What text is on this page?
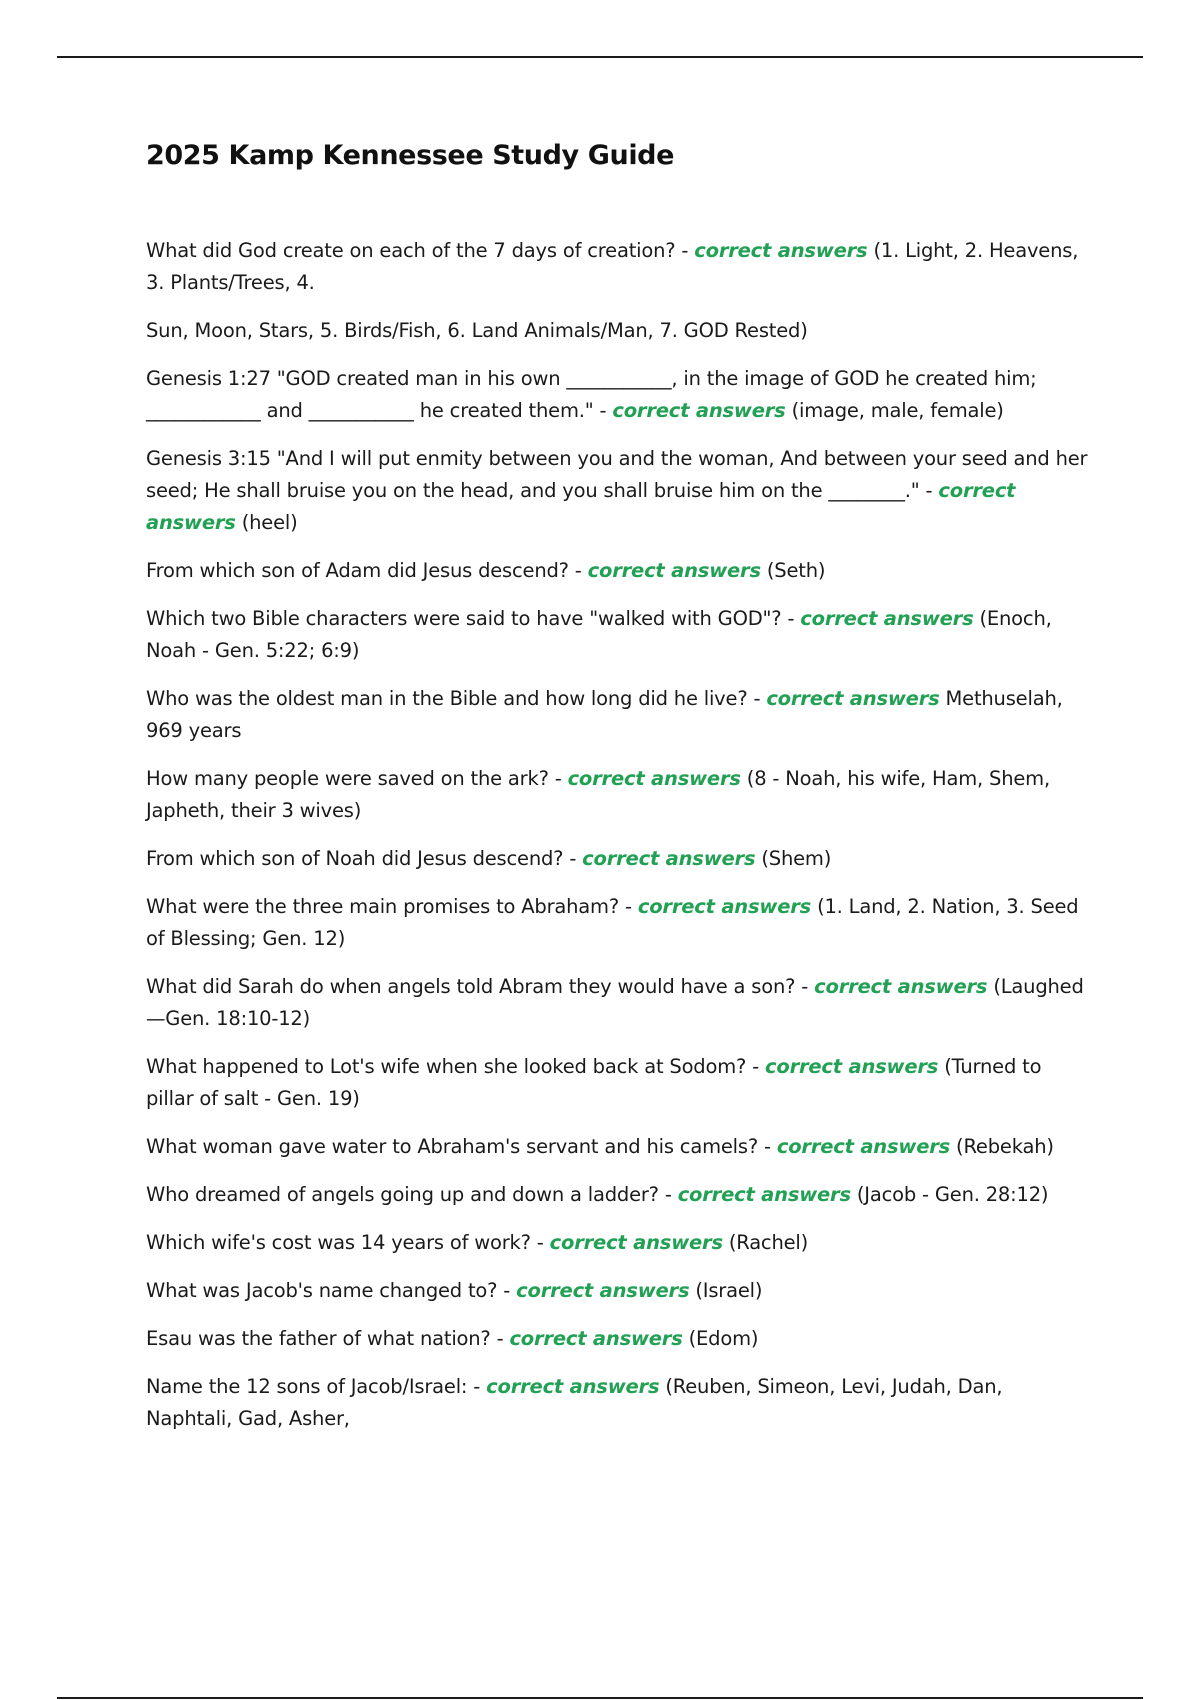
2025 Kamp Kennessee Study Guide

What did God create on each of the 7 days of creation? - correct answers (1. Light, 2. Heavens, 3. Plants/Trees, 4.

Sun, Moon, Stars, 5. Birds/Fish, 6. Land Animals/Man, 7. GOD Rested)

Genesis 1:27 "GOD created man in his own ___________, in the image of GOD he created him; ____________ and ___________ he created them." - correct answers (image, male, female)

Genesis 3:15 "And I will put enmity between you and the woman, And between your seed and her seed; He shall bruise you on the head, and you shall bruise him on the ________." - correct answers (heel)

From which son of Adam did Jesus descend? - correct answers (Seth)

Which two Bible characters were said to have "walked with GOD"? - correct answers (Enoch, Noah - Gen. 5:22; 6:9)

Who was the oldest man in the Bible and how long did he live? - correct answers Methuselah, 969 years

How many people were saved on the ark? - correct answers (8 - Noah, his wife, Ham, Shem, Japheth, their 3 wives)

From which son of Noah did Jesus descend? - correct answers (Shem)

What were the three main promises to Abraham? - correct answers (1. Land, 2. Nation, 3. Seed of Blessing; Gen. 12)

What did Sarah do when angels told Abram they would have a son? - correct answers (Laughed—Gen. 18:10-12)

What happened to Lot's wife when she looked back at Sodom? - correct answers (Turned to pillar of salt - Gen. 19)

What woman gave water to Abraham's servant and his camels? - correct answers (Rebekah)

Who dreamed of angels going up and down a ladder? - correct answers (Jacob - Gen. 28:12)

Which wife's cost was 14 years of work? - correct answers (Rachel)

What was Jacob's name changed to? - correct answers (Israel)

Esau was the father of what nation? - correct answers (Edom)

Name the 12 sons of Jacob/Israel: - correct answers (Reuben, Simeon, Levi, Judah, Dan, Naphtali, Gad, Asher,
